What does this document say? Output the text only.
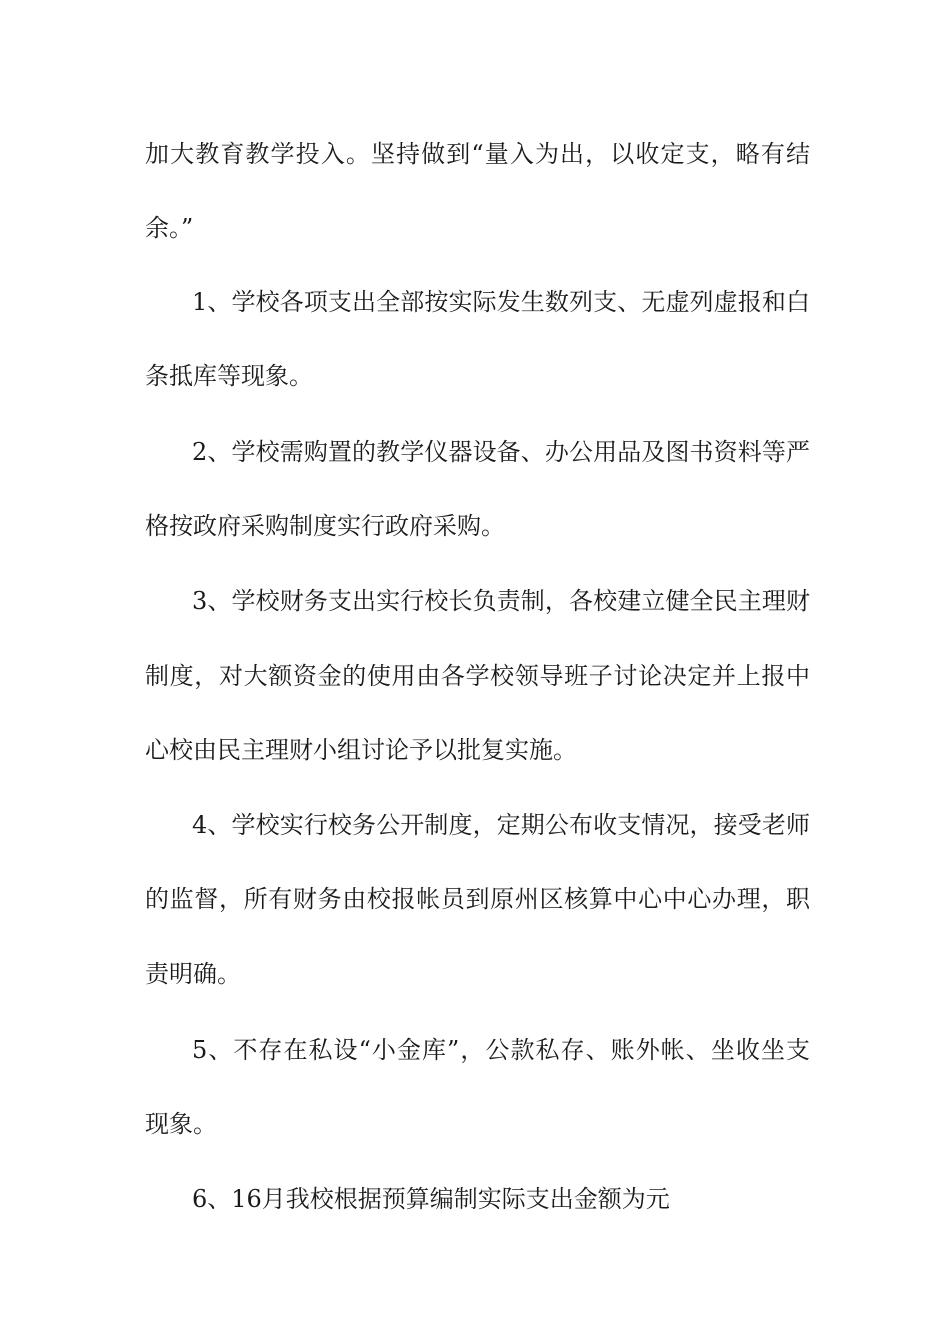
加大教育教学投入。坚持做到“量入为出，以收定支，略有结
余。”
1、学校各项支出全部按实际发生数列支、无虚列虚报和白
条抵库等现象。
2、学校需购置的教学仪器设备、办公用品及图书资料等严
格按政府采购制度实行政府采购。
3、学校财务支出实行校长负责制，各校建立健全民主理财
制度，对大额资金的使用由各学校领导班子讨论决定并上报中
心校由民主理财小组讨论予以批复实施。
4、学校实行校务公开制度，定期公布收支情况，接受老师
的监督，所有财务由校报帐员到原州区核算中心中心办理，职
责明确。
5、不存在私设“小金库”，公款私存、账外帐、坐收坐支
现象。
6、16月我校根据预算编制实际支出金额为元
